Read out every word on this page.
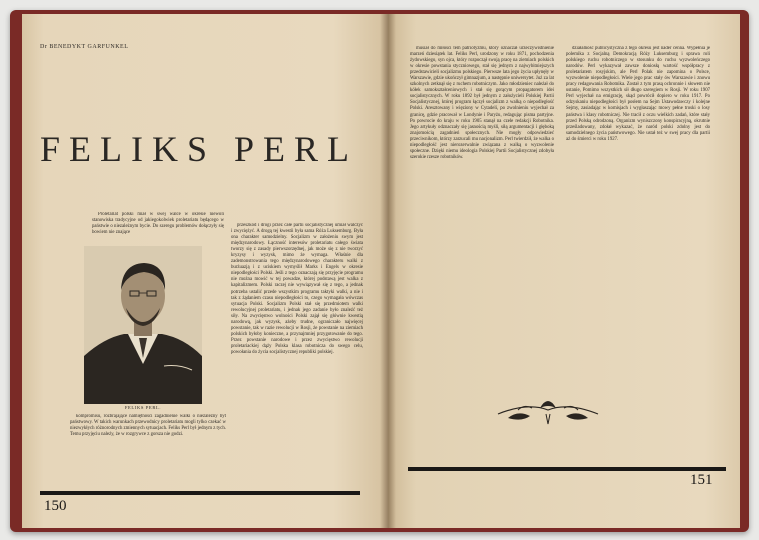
Dr BENEDYKT GARFUNKEL
FELIKS PERL

Proletariat polski miał w swej walce w okresie niewoli stanowiska tradycyjne od jakiegokolwiek proletariatu będącego w państwie o niezależnym bycie. Do szeregu problemów dołączyły się bowiem nie znające

FELIKS PERL.

przeszkód i drogi przez całe partii socjalistycznej umiał walczyć i zwyciężyć. A drogą tej kwestii była sama Róża Luksemburg. Była ona charakter samodzielny. Socjalizm w założeniu swym jest międzynarodowy. Łączność interesów proletariatu całego świata tworzy się z zasady pierwszorzędnej, jak może się z nie tworzyć kryzysy i wyzysk, mimo że wymaga. Właśnie dla zademonstrowania tego międzynarodowego charakteru walki z burżuazją i z uciskiem wymyślił Marks i Engels w okresie niepodległości Polski. Jeśli z tego oznaczają się przyjęcie programu nie można mowić w tej powadze, której podstawą jest walka z kapitalizmem. Polski raczej nie wywiązywał się z tego, a jednak potrzeba ustalić przede wszystkim programu taktyki walki, a nie i tak z żądaniem czasu niepodległości to, czego wymagała wówczas sytuacja Polski. Socjalizm Polski stał się przedmiotem walki rewolucyjnej proletariatu, i jednak jego zadanie było znaleźć też siły. Na zwycięstwo wolności Polski zajął się głównie kwestią narodową, jak wyzysk, ażeby trudne, ograniczało najwięcej powstanie, tak w razie rewolucji w Rosji, że powstanie na ziemiach polskich byłoby konieczne, a przynajmniej przygotowanie do tego. Przez powstanie narodowe i przez zwycięstwo rewolucji proletariackiej dąży Polska klasa robotnicza do swego celu, powołania do życia socjalistycznej republiki polskiej.

kompromisu, rozbrajające namiętności zagadnienie walki o niezależny byt państwowy. W takich warunkach przewodnicy proletariatu mogli tylko czekać w niezwykłych różnorodnych zmiennych sytuacjach. Feliks Perl był jednym z tych. Temu przyjęciu należy, że w rozgrywce z gorsza nie godzi.

150

musiał do miłości tem patriotyzmu, który oznaczał urzeczywistnienie marzeń dziesiątek lat. Feliks Perl, urodzony w roku 1871, pochodzenia żydowskiego, syn ojca, który rozpoczął swoją pracę na ziemiach polskich w okresie powstania styczniowego, stał się jednym z najwybitniejszych przedstawicieli socjalizmu polskiego. Pierwsze lata jego życia upłynęły w Warszawie, gdzie ukończył gimnazjum, a następnie uniwersytet. Już za lat szkolnych zetknął się z ruchem robotniczym. Jako młodzieniec należał do kółek samokształceniowych i stał się gorącym propagatorem idei socjalistycznych. W roku 1892 był jednym z założycieli Polskiej Partii Socjalistycznej, której program łączył socjalizm z walką o niepodległość Polski. Aresztowany i więziony w Cytadeli, po zwolnieniu wyjechał za granicę, gdzie pracował w Londynie i Paryżu, redagując pisma partyjne. Po powrocie do kraju w roku 1905 stanął na czele redakcji Robotnika. Jego artykuły odznaczały się jasnością myśli, siłą argumentacji i głęboką znajomością zagadnień społecznych. Nie mogły odpowiedzieć przeciwnikom, którzy zarzucali mu nacjonalizm. Perl twierdził, że walka o niepodległość jest nierozerwalnie związana z walką o wyzwolenie społeczne. Dzięki niemu ideologia Polskiej Partii Socjalistycznej zdobyła szerokie rzesze robotników.

działalność publicystyczna z tego okresu jest nader cenna. Wypełnia je polemika z Socjalną Demokracją Róży Luksemburg i sprawa roli polskiego ruchu robotniczego w stosunku do ruchu wyzwoleńczego narodów. Perl wykazywał zawsze doniosłą wartość współpracy z proletariatem rosyjskim, ale Perl Polak nie zapomina o Polsce, wyzwolenie niepodległości. Wiele jego prac stały ów Warszawie i znowu pracy redagowania Robotnika. Został z tym prasą ochronnie i słowem nie ustanie, Pomimo wszystkich sił długo szeregiem w Rosji. W roku 1907 Perl wyjechał na emigrację, skąd powrócił dopiero w roku 1917. Po odzyskaniu niepodległości był posłem na Sejm Ustawodawczy i kolejne Sejmy, zasiadając w komisjach i wygłaszając mowy pełne troski o losy państwa i klasy robotniczej. Nie tracił z oczu wielkich zadań, które stały przed Polską odrodzoną. Organizm wyniszczony konspiracyjną, okrutnie prześladowany, zdołał wykazać, że naród polski zdolny jest do samodzielnego życia państwowego. Nie ustał też w swej pracy dla partii aż do śmierci w roku 1927.

151
